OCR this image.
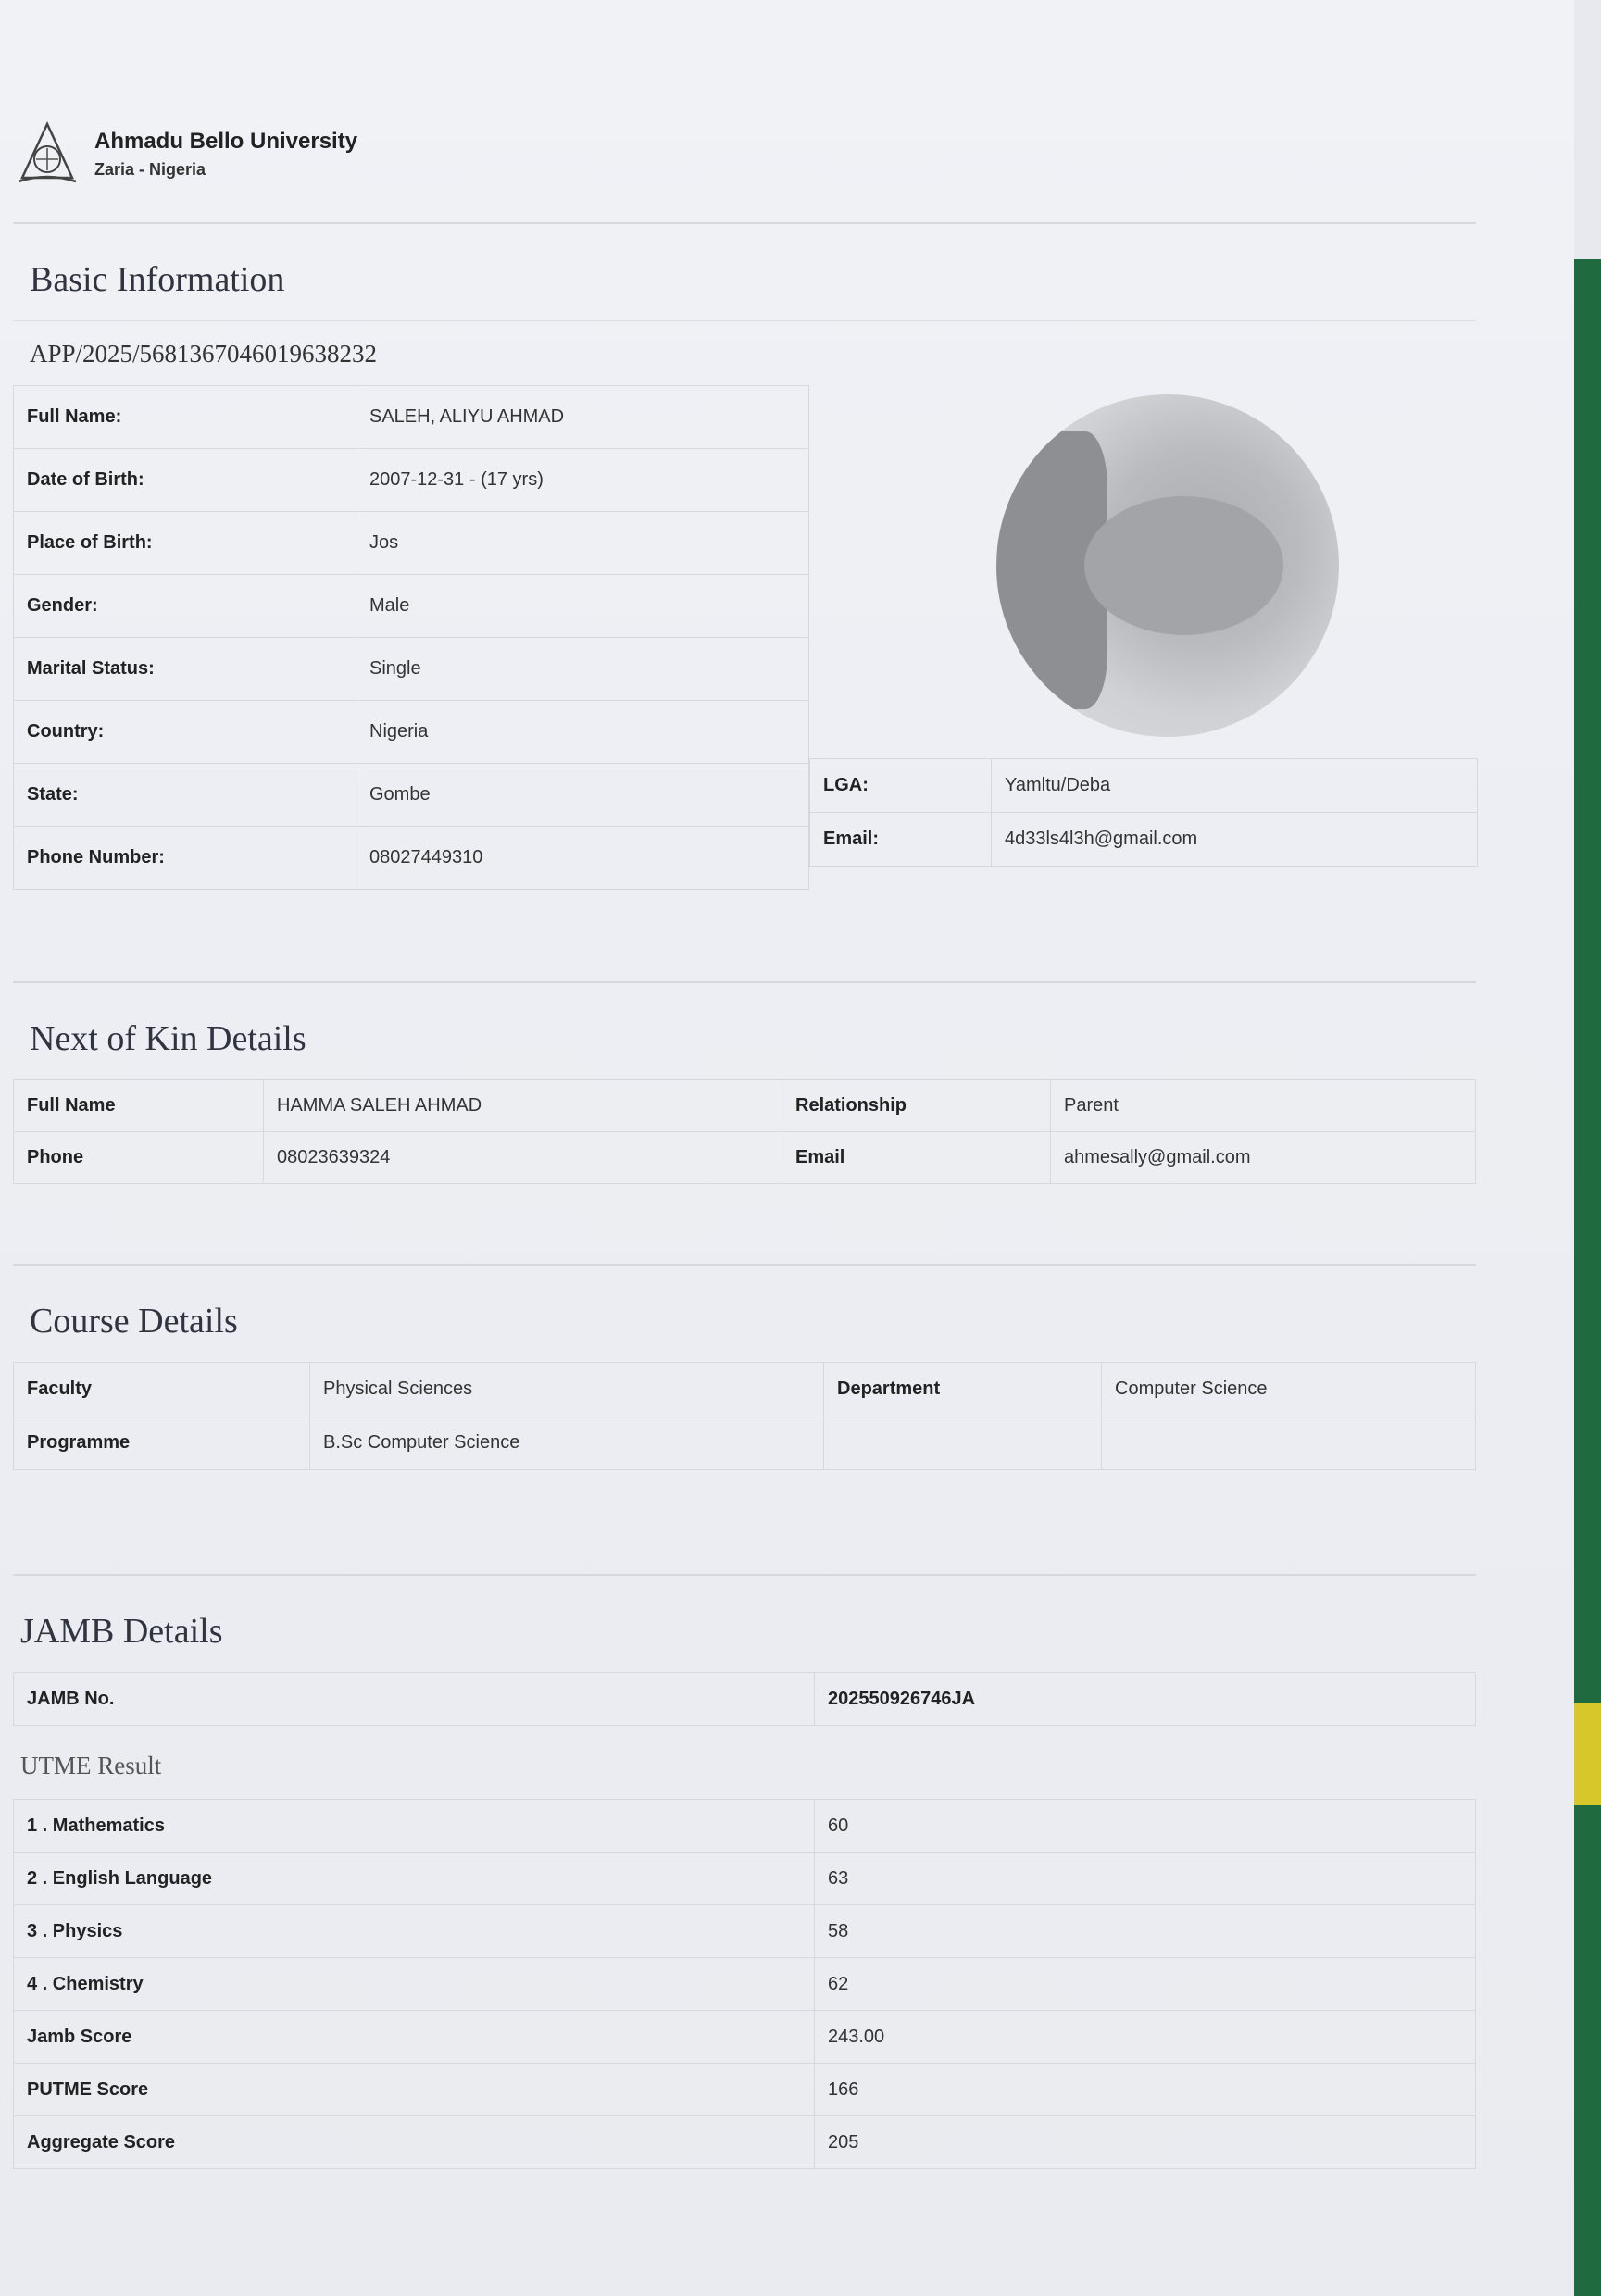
Ahmadu Bello University
Zaria - Nigeria
Basic Information
APP/2025/5681367046019638232
Full Name:	SALEH, ALIYU AHMAD
Date of Birth:	2007-12-31 - (17 yrs)
Place of Birth:	Jos
Gender:	Male
Marital Status:	Single
Country:	Nigeria
State:	Gombe
Phone Number:	08027449310
LGA:	Yamltu/Deba
Email:	4d33ls4l3h@gmail.com
Next of Kin Details
Full Name	HAMMA SALEH AHMAD	Relationship	Parent
Phone	08023639324	Email	ahmesally@gmail.com
Course Details
Faculty	Physical Sciences	Department	Computer Science
Programme	B.Sc Computer Science		
JAMB Details
JAMB No.	202550926746JA
UTME Result
1 . Mathematics	60
2 . English Language	63
3 . Physics	58
4 . Chemistry	62
Jamb Score	243.00
PUTME Score	166
Aggregate Score	205
